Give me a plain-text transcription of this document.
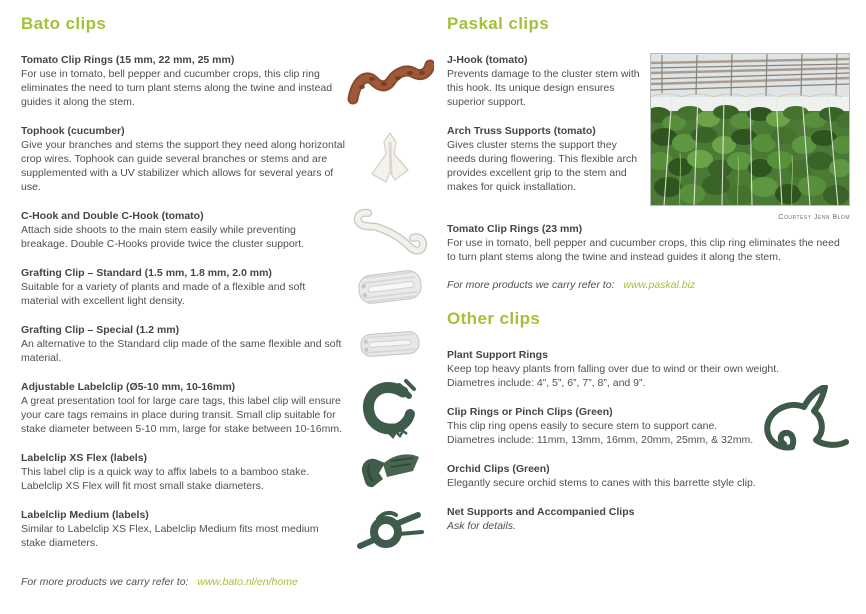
Bato clips
Tomato Clip Rings (15 mm, 22 mm, 25 mm)
For use in tomato, bell pepper and cucumber crops, this clip ring eliminates the need to turn plant stems along the twine and instead guides it along the stem.
Tophook (cucumber)
Give your branches and stems the support they need along horizontal crop wires. Tophook can guide several branches or stems and are supplemented with a UV stabilizer which allows for several years of use.
C-Hook and Double C-Hook (tomato)
Attach side shoots to the main stem easily while preventing breakage. Double C-Hooks provide twice the cluster support.
Grafting Clip – Standard (1.5 mm, 1.8 mm, 2.0 mm)
Suitable for a variety of plants and made of a flexible and soft material with excellent light density.
Grafting Clip – Special (1.2 mm)
An alternative to the Standard clip made of the same flexible and soft material.
Adjustable Labelclip (Ø5-10 mm, 10-16mm)
A great presentation tool for large care tags, this label clip will ensure your care tags remains in place during transit. Small clip suitable for stake diameter between 5-10 mm, large for stake between 10-16mm.
Labelclip XS Flex (labels)
This label clip is a quick way to affix labels to a bamboo stake. Labelclip XS Flex will fit most small stake diameters.
Labelclip Medium (labels)
Similar to Labelclip XS Flex, Labelclip Medium fits most medium stake diameters.
For more products we carry refer to: www.bato.nl/en/home
Paskal clips
J-Hook (tomato)
Prevents damage to the cluster stem with this hook. Its unique design ensures superior support.
Arch Truss Supports (tomato)
Gives cluster stems the support they needs during flowering. This flexible arch provides excellent grip to the stem and makes for quick installation.
Courtesy Jenn Blom
Tomato Clip Rings (23 mm)
For use in tomato, bell pepper and cucumber crops, this clip ring eliminates the need to turn plant stems along the twine and instead guides it along the stem.
For more products we carry refer to: www.paskal.biz
Other clips
Plant Support Rings
Keep top heavy plants from falling over due to wind or their own weight.
Diametres include: 4”, 5”, 6”, 7”, 8”, and 9”.
Clip Rings or Pinch Clips (Green)
This clip ring opens easily to secure stem to support cane.
Diametres include: 11mm, 13mm, 16mm, 20mm, 25mm, & 32mm.
Orchid Clips (Green)
Elegantly secure orchid stems to canes with this barrette style clip.
Net Supports and Accompanied Clips
Ask for details.
